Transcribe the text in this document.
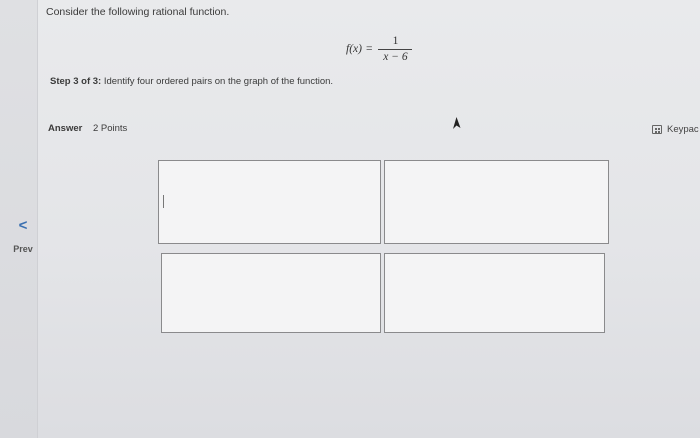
<
Prev
Consider the following rational function.
$f(x) = \frac{1}{x - 6}$
Step 3 of 3: Identify four ordered pairs on the graph of the function.
Answer 2 Points	Keypac
